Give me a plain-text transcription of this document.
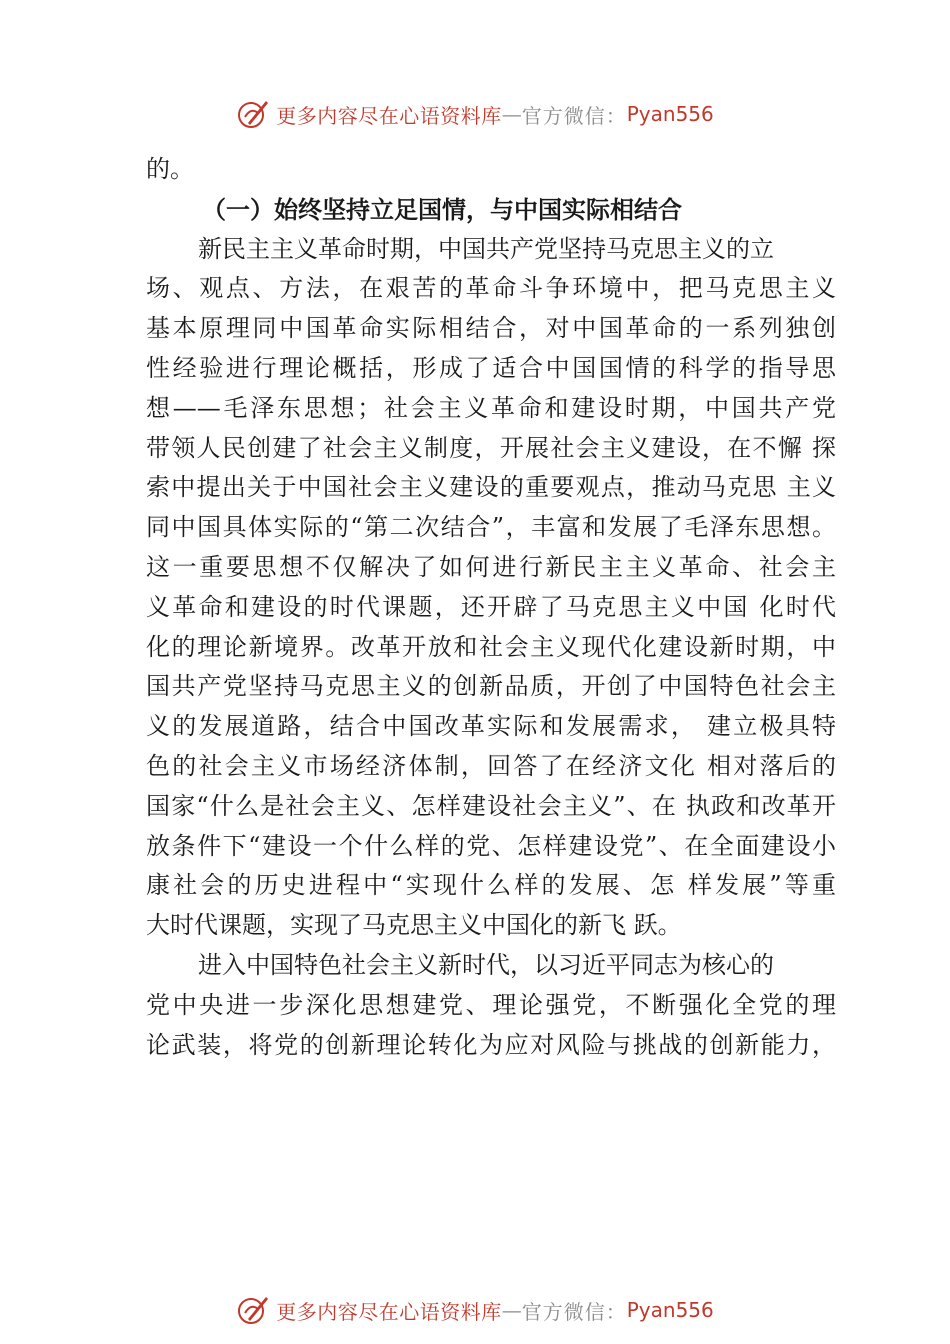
更多内容尽在心语资料库 — 官方微信： Pyan556
的。
（一）始终坚持立足国情，与中国实际相结合
新民主主义革命时期，中国共产党坚持马克思主义的立
场、观点、方法，在艰苦的革命斗争环境中，把马克思主义
基本原理同中国革命实际相结合，对中国革命的一系列独创
性经验进行理论概括，形成了适合中国国情的科学的指导思
想——毛泽东思想；社会主义革命和建设时期，中国共产党
带领人民创建了社会主义制度，开展社会主义建设，在不懈 探
索中提出关于中国社会主义建设的重要观点，推动马克思 主义
同中国具体实际的“第二次结合”，丰富和发展了毛泽东思想。
这一重要思想不仅解决了如何进行新民主主义革命、社会主
义革命和建设的时代课题，还开辟了马克思主义中国 化时代
化的理论新境界。改革开放和社会主义现代化建设新时期，中
国共产党坚持马克思主义的创新品质，开创了中国特色社会主
义的发展道路，结合中国改革实际和发展需求， 建立极具特
色的社会主义市场经济体制，回答了在经济文化 相对落后的
国家“什么是社会主义、怎样建设社会主义”、在 执政和改革开
放条件下“建设一个什么样的党、怎样建设党”、在全面建设小
康社会的历史进程中“实现什么样的发展、怎 样发展”等重
大时代课题，实现了马克思主义中国化的新飞 跃。
进入中国特色社会主义新时代，以习近平同志为核心的
党中央进一步深化思想建党、理论强党，不断强化全党的理
论武装，将党的创新理论转化为应对风险与挑战的创新能力，
更多内容尽在心语资料库 — 官方微信： Pyan556
